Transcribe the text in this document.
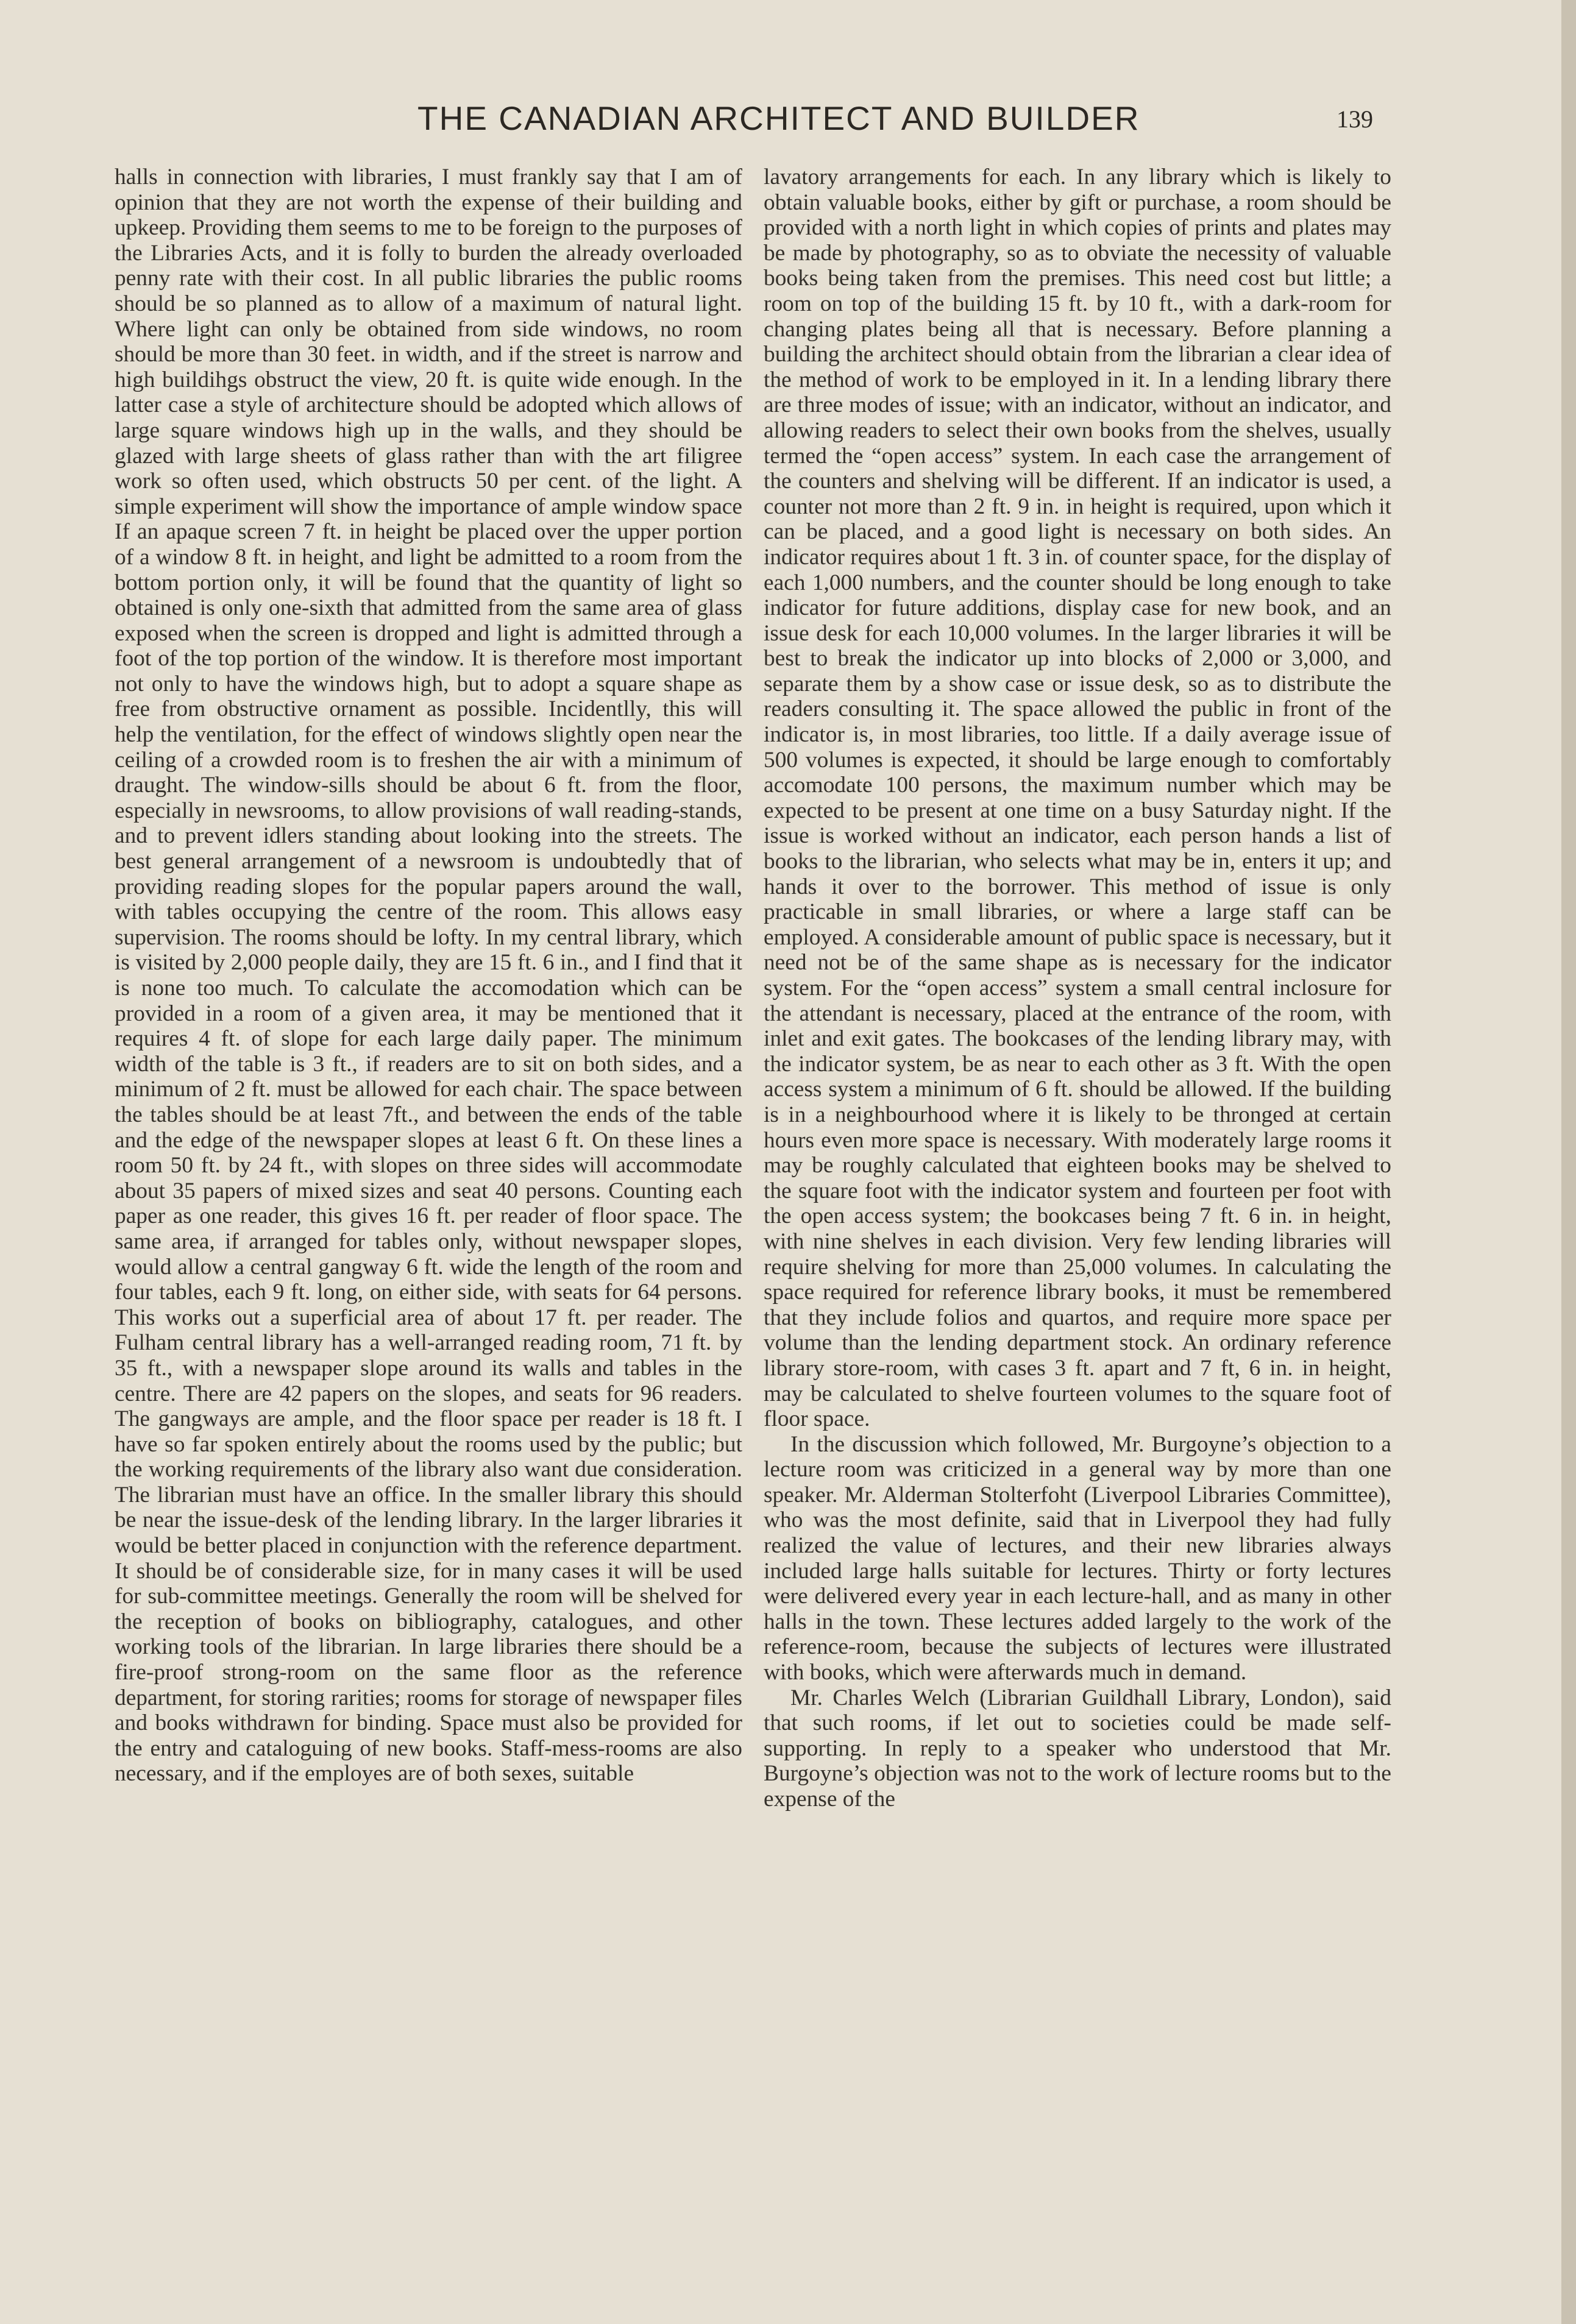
THE CANADIAN ARCHITECT AND BUILDER	139

halls in connection with libraries, I must frankly say that I am of opinion that they are not worth the expense of their building and upkeep. Providing them seems to me to be foreign to the purposes of the Libraries Acts, and it is folly to burden the already overloaded penny rate with their cost. In all public libraries the public rooms should be so planned as to allow of a maximum of natural light. Where light can only be obtained from side windows, no room should be more than 30 feet. in width, and if the street is narrow and high buildihgs obstruct the view, 20 ft. is quite wide enough. In the latter case a style of architecture should be adopted which allows of large square windows high up in the walls, and they should be glazed with large sheets of glass rather than with the art filigree work so often used, which obstructs 50 per cent. of the light. A simple experiment will show the importance of ample window space If an apaque screen 7 ft. in height be placed over the upper portion of a window 8 ft. in height, and light be admitted to a room from the bottom portion only, it will be found that the quantity of light so obtained is only one-sixth that admitted from the same area of glass exposed when the screen is dropped and light is admitted through a foot of the top portion of the window. It is therefore most important not only to have the windows high, but to adopt a square shape as free from obstructive ornament as possible. Incidentlly, this will help the ventilation, for the effect of windows slightly open near the ceiling of a crowded room is to freshen the air with a minimum of draught. The window-sills should be about 6 ft. from the floor, especially in newsrooms, to allow provisions of wall reading-stands, and to prevent idlers standing about looking into the streets. The best general arrangement of a newsroom is undoubtedly that of providing reading slopes for the popular papers around the wall, with tables occupying the centre of the room. This allows easy supervision. The rooms should be lofty. In my central library, which is visited by 2,000 people daily, they are 15 ft. 6 in., and I find that it is none too much. To calculate the accomodation which can be provided in a room of a given area, it may be mentioned that it requires 4 ft. of slope for each large daily paper. The minimum width of the table is 3 ft., if readers are to sit on both sides, and a minimum of 2 ft. must be allowed for each chair. The space between the tables should be at least 7ft., and between the ends of the table and the edge of the newspaper slopes at least 6 ft. On these lines a room 50 ft. by 24 ft., with slopes on three sides will accommodate about 35 papers of mixed sizes and seat 40 persons. Counting each paper as one reader, this gives 16 ft. per reader of floor space. The same area, if arranged for tables only, without newspaper slopes, would allow a central gangway 6 ft. wide the length of the room and four tables, each 9 ft. long, on either side, with seats for 64 persons. This works out a superficial area of about 17 ft. per reader. The Fulham central library has a well-arranged reading room, 71 ft. by 35 ft., with a newspaper slope around its walls and tables in the centre. There are 42 papers on the slopes, and seats for 96 readers. The gangways are ample, and the floor space per reader is 18 ft. I have so far spoken entirely about the rooms used by the public; but the working requirements of the library also want due consideration. The librarian must have an office. In the smaller library this should be near the issue-desk of the lending library. In the larger libraries it would be better placed in conjunction with the reference department. It should be of considerable size, for in many cases it will be used for sub-committee meetings. Generally the room will be shelved for the reception of books on bibliography, catalogues, and other working tools of the librarian. In large libraries there should be a fire-proof strong-room on the same floor as the reference department, for storing rarities; rooms for storage of newspaper files and books withdrawn for binding. Space must also be provided for the entry and cataloguing of new books. Staff-mess-rooms are also necessary, and if the employes are of both sexes, suitable

lavatory arrangements for each. In any library which is likely to obtain valuable books, either by gift or purchase, a room should be provided with a north light in which copies of prints and plates may be made by photography, so as to obviate the necessity of valuable books being taken from the premises. This need cost but little; a room on top of the building 15 ft. by 10 ft., with a dark-room for changing plates being all that is necessary. Before planning a building the architect should obtain from the librarian a clear idea of the method of work to be employed in it. In a lending library there are three modes of issue; with an indicator, without an indicator, and allowing readers to select their own books from the shelves, usually termed the “open access” system. In each case the arrangement of the counters and shelving will be different. If an indicator is used, a counter not more than 2 ft. 9 in. in height is required, upon which it can be placed, and a good light is necessary on both sides. An indicator requires about 1 ft. 3 in. of counter space, for the display of each 1,000 numbers, and the counter should be long enough to take indicator for future additions, display case for new book, and an issue desk for each 10,000 volumes. In the larger libraries it will be best to break the indicator up into blocks of 2,000 or 3,000, and separate them by a show case or issue desk, so as to distribute the readers consulting it. The space allowed the public in front of the indicator is, in most libraries, too little. If a daily average issue of 500 volumes is expected, it should be large enough to comfortably accomodate 100 persons, the maximum number which may be expected to be present at one time on a busy Saturday night. If the issue is worked without an indicator, each person hands a list of books to the librarian, who selects what may be in, enters it up; and hands it over to the borrower. This method of issue is only practicable in small libraries, or where a large staff can be employed. A considerable amount of public space is necessary, but it need not be of the same shape as is necessary for the indicator system. For the “open access” system a small central inclosure for the attendant is necessary, placed at the entrance of the room, with inlet and exit gates. The bookcases of the lending library may, with the indicator system, be as near to each other as 3 ft. With the open access system a minimum of 6 ft. should be allowed. If the building is in a neighbourhood where it is likely to be thronged at certain hours even more space is necessary. With moderately large rooms it may be roughly calculated that eighteen books may be shelved to the square foot with the indicator system and fourteen per foot with the open access system; the bookcases being 7 ft. 6 in. in height, with nine shelves in each division. Very few lending libraries will require shelving for more than 25,000 volumes. In calculating the space required for reference library books, it must be remembered that they include folios and quartos, and require more space per volume than the lending department stock. An ordinary reference library store-room, with cases 3 ft. apart and 7 ft, 6 in. in height, may be calculated to shelve fourteen volumes to the square foot of floor space.

In the discussion which followed, Mr. Burgoyne’s objection to a lecture room was criticized in a general way by more than one speaker. Mr. Alderman Stolterfoht (Liverpool Libraries Committee), who was the most definite, said that in Liverpool they had fully realized the value of lectures, and their new libraries always included large halls suitable for lectures. Thirty or forty lectures were delivered every year in each lecture-hall, and as many in other halls in the town. These lectures added largely to the work of the reference-room, because the subjects of lectures were illustrated with books, which were afterwards much in demand.

Mr. Charles Welch (Librarian Guildhall Library, London), said that such rooms, if let out to societies could be made self-supporting. In reply to a speaker who understood that Mr. Burgoyne’s objection was not to the work of lecture rooms but to the expense of the
